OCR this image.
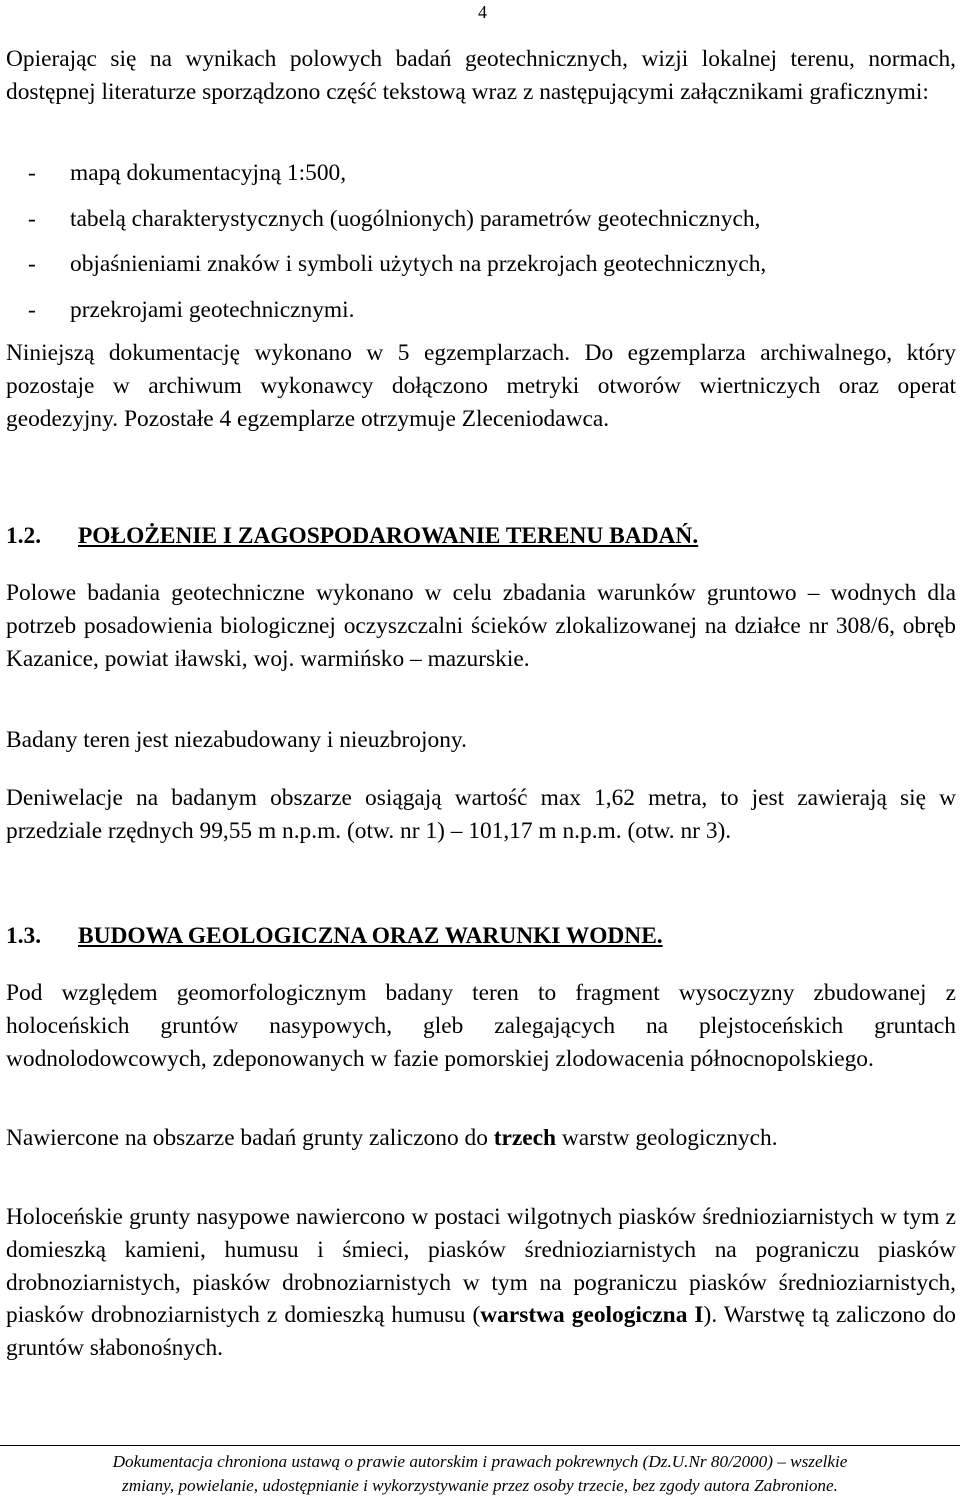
4

Opierając się na wynikach polowych badań geotechnicznych, wizji lokalnej terenu, normach, dostępnej literaturze sporządzono część tekstową wraz z następującymi załącznikami graficznymi:

- mapą dokumentacyjną 1:500,
- tabelą charakterystycznych (uogólnionych) parametrów geotechnicznych,
- objaśnieniami znaków i symboli użytych na przekrojach geotechnicznych,
- przekrojami geotechnicznymi.

Niniejszą dokumentację wykonano w 5 egzemplarzach. Do egzemplarza archiwalnego, który pozostaje w archiwum wykonawcy dołączono metryki otworów wiertniczych oraz operat geodezyjny. Pozostałe 4 egzemplarze otrzymuje Zleceniodawca.

1.2. POŁOŻENIE I ZAGOSPODAROWANIE TERENU BADAŃ.

Polowe badania geotechniczne wykonano w celu zbadania warunków gruntowo – wodnych dla potrzeb posadowienia biologicznej oczyszczalni ścieków zlokalizowanej na działce nr 308/6, obręb Kazanice, powiat iławski, woj. warmińsko – mazurskie.

Badany teren jest niezabudowany i nieuzbrojony.

Deniwelacje na badanym obszarze osiągają wartość max 1,62 metra, to jest zawierają się w przedziale rzędnych 99,55 m n.p.m. (otw. nr 1) – 101,17 m n.p.m. (otw. nr 3).

1.3. BUDOWA GEOLOGICZNA ORAZ WARUNKI WODNE.

Pod względem geomorfologicznym badany teren to fragment wysoczyzny zbudowanej z holoceńskich gruntów nasypowych, gleb zalegających na plejstoceńskich gruntach wodnolodowcowych, zdeponowanych w fazie pomorskiej zlodowacenia północnopolskiego.

Nawiercone na obszarze badań grunty zaliczono do trzech warstw geologicznych.

Holoceńskie grunty nasypowe nawiercono w postaci wilgotnych piasków średnioziarnistych w tym z domieszką kamieni, humusu i śmieci, piasków średnioziarnistych na pograniczu piasków drobnoziarnistych, piasków drobnoziarnistych w tym na pograniczu piasków średnioziarnistych, piasków drobnoziarnistych z domieszką humusu (warstwa geologiczna I). Warstwę tą zaliczono do gruntów słabonośnych.

Dokumentacja chroniona ustawą o prawie autorskim i prawach pokrewnych (Dz.U.Nr 80/2000) – wszelkie
zmiany, powielanie, udostępnianie i wykorzystywanie przez osoby trzecie, bez zgody autora Zabronione.
